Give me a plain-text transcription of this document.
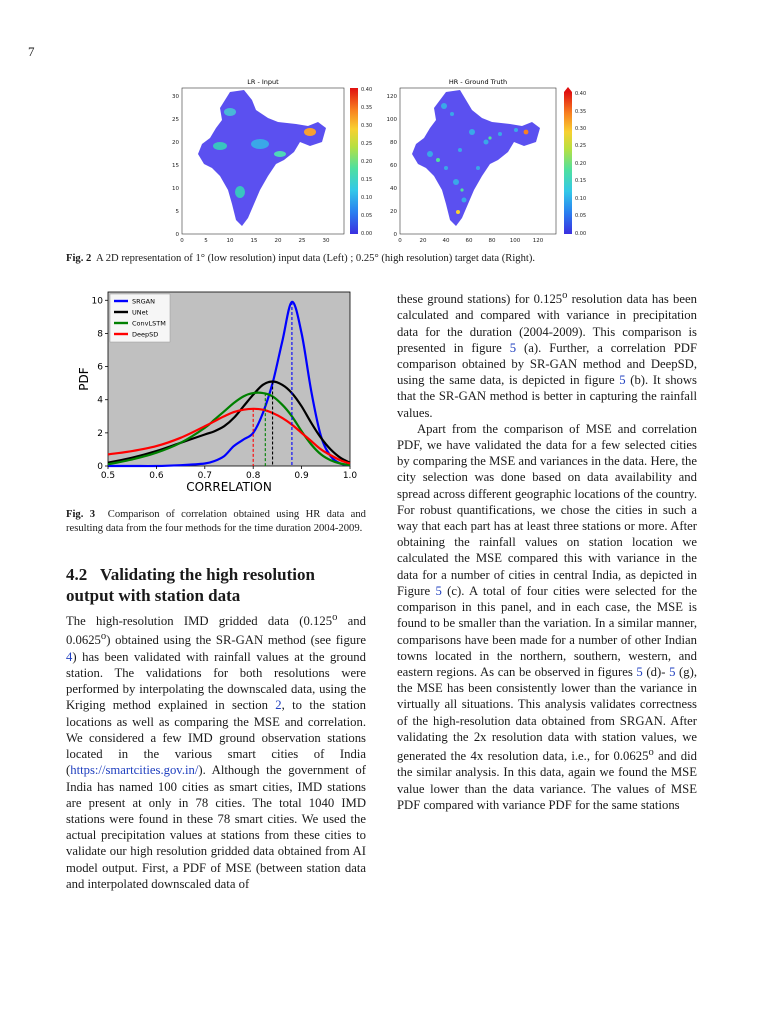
7
LR - Input
0	5	10	15	20	25	30
0
5
10
15
20
25
30
0.40
0.35
0.30
0.25
0.20
0.15
0.10
0.05
0.00
HR - Ground Truth
0	20	40	60	80	100 120
0
20
40
60
80
100
120	0.40
0.35
0.30
0.25
0.20
0.15
0.10
0.05
0.00
Fig. 2 A 2D representation of 1° (low resolution) input data (Left) ; 0.25° (high resolution) target data (Right).
0.5	0.6	0.7	0.8	0.9	1.0
0
2
4
6
8
10
CORRELATION
PDF
SRGAN
UNet
ConvLSTM
DeepSD
Fig. 3 Comparison of correlation obtained using HR data and resulting data from the four methods for the time duration 2004-2009.
4.2 Validating the high resolution output with station data

The high-resolution IMD gridded data (0.125$^o$ and 0.0625$^o$) obtained using the SR-GAN method (see figure 4) has been validated with rainfall values at the ground station. The validations for both resolutions were performed by interpolating the downscaled data, using the Kriging method explained in section 2, to the station locations as well as comparing the MSE and correlation. We considered a few IMD ground observation stations located in the various smart cities of India (https://smartcities.gov.in/). Although the government of India has named 100 cities as smart cities, IMD stations are present at only in 78 cities. The total 1040 IMD stations were found in these 78 smart cities. We used the actual precipitation values at stations from these cities to validate our high resolution gridded data obtained from AI model output. First, a PDF of MSE (between station data and interpolated downscaled data of

these ground stations) for 0.125$^o$ resolution data has been calculated and compared with variance in precipitation data for the duration (2004-2009). This comparison is presented in figure 5 (a). Further, a correlation PDF comparison obtained by SR-GAN method and DeepSD, using the same data, is depicted in figure 5 (b). It shows that the SR-GAN method is better in capturing the rainfall values.

Apart from the comparison of MSE and correlation PDF, we have validated the data for a few selected cities by comparing the MSE and variances in the data. Here, the city selection was done based on data availability and spread across different geographic locations of the country. For robust quantifications, we chose the cities in such a way that each part has at least three stations or more. After obtaining the rainfall values on station location we calculated the MSE compared this with variance in the data for a number of cities in central India, as depicted in Figure 5 (c). A total of four cities were selected for the comparison in this panel, and in each case, the MSE is found to be smaller than the variation. In a similar manner, comparisons have been made for a number of other Indian towns located in the northern, southern, western, and eastern regions. As can be observed in figures 5 (d)- 5 (g), the MSE has been consistently lower than the variance in virtually all situations. This analysis validates correctness of the high-resolution data obtained from SRGAN. After validating the 2x resolution data with station values, we generated the 4x resolution data, i.e., for 0.0625$^o$ and did the similar analysis. In this data, again we found the MSE value lower than the data variance. The values of MSE PDF compared with variance PDF for the same stations
